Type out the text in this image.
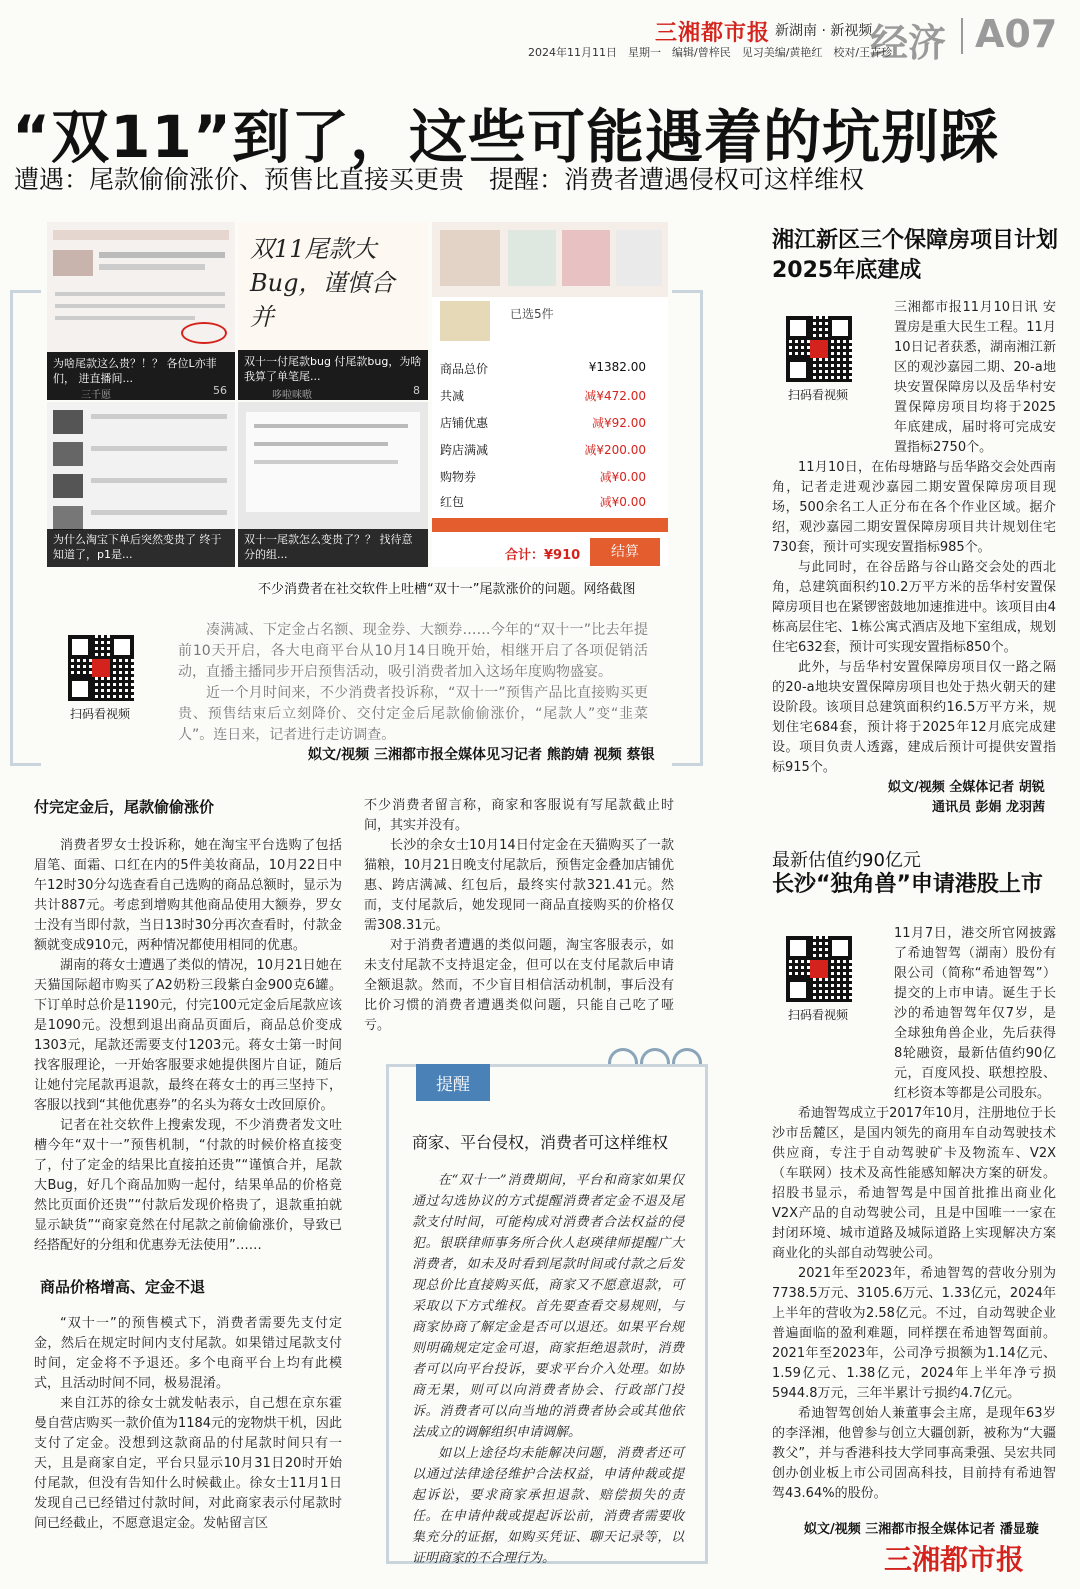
三湘都市报 新湖南 · 新视频
经济 A07
2024年11月11日　星期一　编辑/曾梓民　见习美编/黄艳红　校对/王卉珍
“双11”到了，这些可能遇着的坑别踩
遭遇：尾款偷偷涨价、预售比直接买更贵　提醒：消费者遭遇侵权可这样维权
为啥尾款这么贵？！？ 各位L亦菲们， 进直播间...
三千愿	56
双11尾款大Bug，谨慎合并
双十一付尾款bug 付尾款bug，为啥我算了单笔尾...
哆啦咪嗷	8
为什么淘宝下单后突然变贵了 终于知道了，p1是...
双十一尾款怎么变贵了？？ 找待意分的组...
已选5件
商品总价	¥1382.00
共减	减¥472.00
店铺优惠	减¥92.00
跨店满减	减¥200.00
购物券	减¥0.00
红包	减¥0.00
合计：¥910	结算
不少消费者在社交软件上吐槽“双十一”尾款涨价的问题。网络截图
扫码看视频
凑满减、下定金占名额、现金券、大额券……今年的“双十一”比去年提前10天开启，各大电商平台从10月14日晚开始，相继开启了各项促销活动，直播主播同步开启预售活动，吸引消费者加入这场年度购物盛宴。
近一个月时间来，不少消费者投诉称，“双十一”预售产品比直接购买更贵、预售结束后立刻降价、交付定金后尾款偷偷涨价，“尾款人”变“韭菜人”。连日来，记者进行走访调查。
姒文/视频 三湘都市报全媒体见习记者 熊韵婧 视频 蔡银
付完定金后，尾款偷偷涨价

消费者罗女士投诉称，她在淘宝平台选购了包括眉笔、面霜、口红在内的5件美妆商品，10月22日中午12时30分勾选查看自己选购的商品总额时，显示为共计887元。考虑到增购其他商品使用大额券，罗女士没有当即付款，当日13时30分再次查看时，付款金额就变成910元，两种情况都使用相同的优惠。

湖南的蒋女士遭遇了类似的情况，10月21日她在天猫国际超市购买了A2奶粉三段紫白金900克6罐。下订单时总价是1190元，付完100元定金后尾款应该是1090元。没想到退出商品页面后，商品总价变成1303元，尾款还需要支付1203元。蒋女士第一时间找客服理论，一开始客服要求她提供图片自证，随后让她付完尾款再退款，最终在蒋女士的再三坚持下，客服以找到“其他优惠券”的名头为蒋女士改回原价。

记者在社交软件上搜索发现，不少消费者发文吐槽今年“双十一”预售机制，“付款的时候价格直接变了，付了定金的结果比直接拍还贵”“谨慎合并，尾款大Bug，好几个商品加购一起付，结果单品的价格竟然比页面价还贵”“付款后发现价格贵了，退款重拍就显示缺货”“商家竟然在付尾款之前偷偷涨价，导致已经搭配好的分组和优惠券无法使用”……

商品价格增高、定金不退

“双十一”的预售模式下，消费者需要先支付定金，然后在规定时间内支付尾款。如果错过尾款支付时间，定金将不予退还。多个电商平台上均有此模式，且活动时间不同，极易混淆。

来自江苏的徐女士就发帖表示，自己想在京东霍曼自营店购买一款价值为1184元的宠物烘干机，因此支付了定金。没想到这款商品的付尾款时间只有一天，且是商家自定，平台只显示10月31日20时开始付尾款，但没有告知什么时候截止。徐女士11月1日发现自己已经错过付款时间，对此商家表示付尾款时间已经截止，不愿意退定金。发帖留言区

不少消费者留言称，商家和客服说有写尾款截止时间，其实并没有。

长沙的余女士10月14日付定金在天猫购买了一款猫粮，10月21日晚支付尾款后，预售定金叠加店铺优惠、跨店满减、红包后，最终实付款321.41元。然而，支付尾款后，她发现同一商品直接购买的价格仅需308.31元。

对于消费者遭遇的类似问题，淘宝客服表示，如未支付尾款不支持退定金，但可以在支付尾款后申请全额退款。然而，不少盲目相信活动机制，事后没有比价习惯的消费者遭遇类似问题，只能自己吃了哑亏。

提醒
商家、平台侵权，消费者可这样维权

在“双十一”消费期间，平台和商家如果仅通过勾选协议的方式提醒消费者定金不退及尾款支付时间，可能构成对消费者合法权益的侵犯。银联律师事务所合伙人赵瑛律师提醒广大消费者，如未及时看到尾款时间或付款之后发现总价比直接购买低，商家又不愿意退款，可采取以下方式维权。首先要查看交易规则，与商家协商了解定金是否可以退还。如果平台规则明确规定定金可退，商家拒绝退款时，消费者可以向平台投诉，要求平台介入处理。如协商无果，则可以向消费者协会、行政部门投诉。消费者可以向当地的消费者协会或其他依法成立的调解组织申请调解。

如以上途径均未能解决问题，消费者还可以通过法律途径维护合法权益，申请仲裁或提起诉讼，要求商家承担退款、赔偿损失的责任。在申请仲裁或提起诉讼前，消费者需要收集充分的证据，如购买凭证、聊天记录等，以证明商家的不合理行为。

湘江新区三个保障房项目计划2025年底建成
扫码看视频

三湘都市报11月10日讯 安置房是重大民生工程。11月10日记者获悉，湖南湘江新区的观沙嘉园二期、20-a地块安置保障房以及岳华村安置保障房项目均将于2025年底建成，届时将可完成安置指标2750个。

11月10日，在佑母塘路与岳华路交会处西南角，记者走进观沙嘉园二期安置保障房项目现场，500余名工人正分布在各个作业区域。据介绍，观沙嘉园二期安置保障房项目共计规划住宅730套，预计可实现安置指标985个。

与此同时，在谷岳路与谷山路交会处的西北角，总建筑面积约10.2万平方米的岳华村安置保障房项目也在紧锣密鼓地加速推进中。该项目由4栋高层住宅、1栋公寓式酒店及地下室组成，规划住宅632套，预计可实现安置指标850个。

此外，与岳华村安置保障房项目仅一路之隔的20-a地块安置保障房项目也处于热火朝天的建设阶段。该项目总建筑面积约16.5万平方米，规划住宅684套，预计将于2025年12月底完成建设。项目负责人透露，建成后预计可提供安置指标915个。

姒文/视频 全媒体记者 胡锐
通讯员 彭娟 龙羽茜
最新估值约90亿元
长沙“独角兽”申请港股上市
扫码看视频

11月7日，港交所官网披露了希迪智驾（湖南）股份有限公司（简称“希迪智驾”）提交的上市申请。诞生于长沙的希迪智驾年仅7岁，是全球独角兽企业，先后获得8轮融资，最新估值约90亿元，百度风投、联想控股、红杉资本等都是公司股东。

希迪智驾成立于2017年10月，注册地位于长沙市岳麓区，是国内领先的商用车自动驾驶技术供应商，专注于自动驾驶矿卡及物流车、V2X（车联网）技术及高性能感知解决方案的研发。招股书显示，希迪智驾是中国首批推出商业化V2X产品的自动驾驶公司，且是中国唯一一家在封闭环境、城市道路及城际道路上实现解决方案商业化的头部自动驾驶公司。

2021年至2023年，希迪智驾的营收分别为7738.5万元、3105.6万元、1.33亿元，2024年上半年的营收为2.58亿元。不过，自动驾驶企业普遍面临的盈利难题，同样摆在希迪智驾面前。2021年至2023年，公司净亏损额为1.14亿元、1.59亿元、1.38亿元，2024年上半年净亏损5944.8万元，三年半累计亏损约4.7亿元。

希迪智驾创始人兼董事会主席，是现年63岁的李泽湘，他曾参与创立大疆创新，被称为“大疆教父”，并与香港科技大学同事高秉强、吴宏共同创办创业板上市公司固高科技，目前持有希迪智驾43.64%的股份。

姒文/视频 三湘都市报全媒体记者 潘显璇
三湘都市报
